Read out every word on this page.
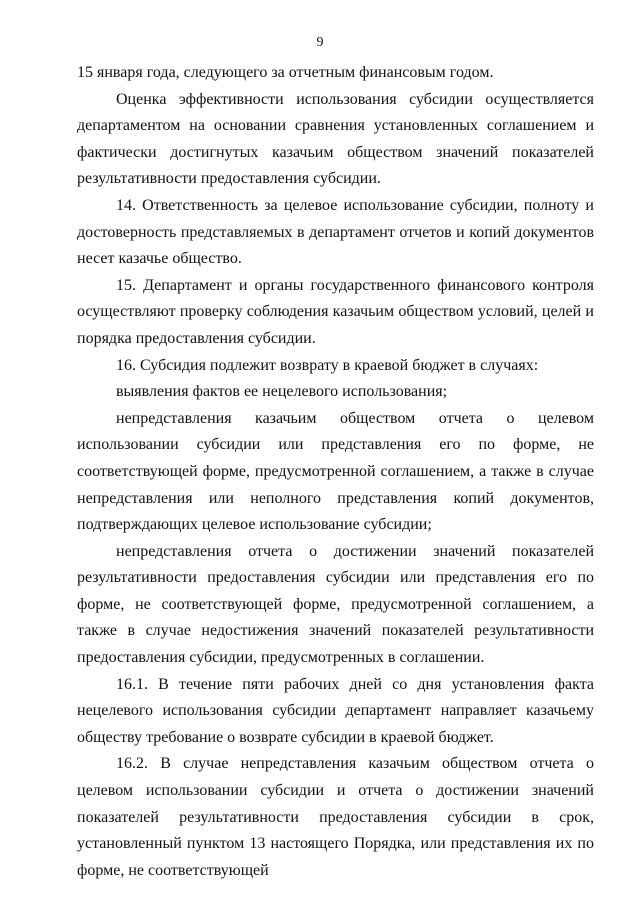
9

15 января года, следующего за отчетным финансовым годом.

Оценка эффективности использования субсидии осуществляется департаментом на основании сравнения установленных соглашением и фактически достигнутых казачьим обществом значений показателей результативности предоставления субсидии.

14. Ответственность за целевое использование субсидии, полноту и достоверность представляемых в департамент отчетов и копий документов несет казачье общество.

15. Департамент и органы государственного финансового контроля осуществляют проверку соблюдения казачьим обществом условий, целей и порядка предоставления субсидии.

16. Субсидия подлежит возврату в краевой бюджет в случаях:

выявления фактов ее нецелевого использования;

непредставления казачьим обществом отчета о целевом использовании субсидии или представления его по форме, не соответствующей форме, предусмотренной соглашением, а также в случае непредставления или неполного представления копий документов, подтверждающих целевое использование субсидии;

непредставления отчета о достижении значений показателей результативности предоставления субсидии или представления его по форме, не соответствующей форме, предусмотренной соглашением, а также в случае недостижения значений показателей результативности предоставления субсидии, предусмотренных в соглашении.

16.1. В течение пяти рабочих дней со дня установления факта нецелевого использования субсидии департамент направляет казачьему обществу требование о возврате субсидии в краевой бюджет.

16.2. В случае непредставления казачьим обществом отчета о целевом использовании субсидии и отчета о достижении значений показателей результативности предоставления субсидии в срок, установленный пунктом 13 настоящего Порядка, или представления их по форме, не соответствующей
